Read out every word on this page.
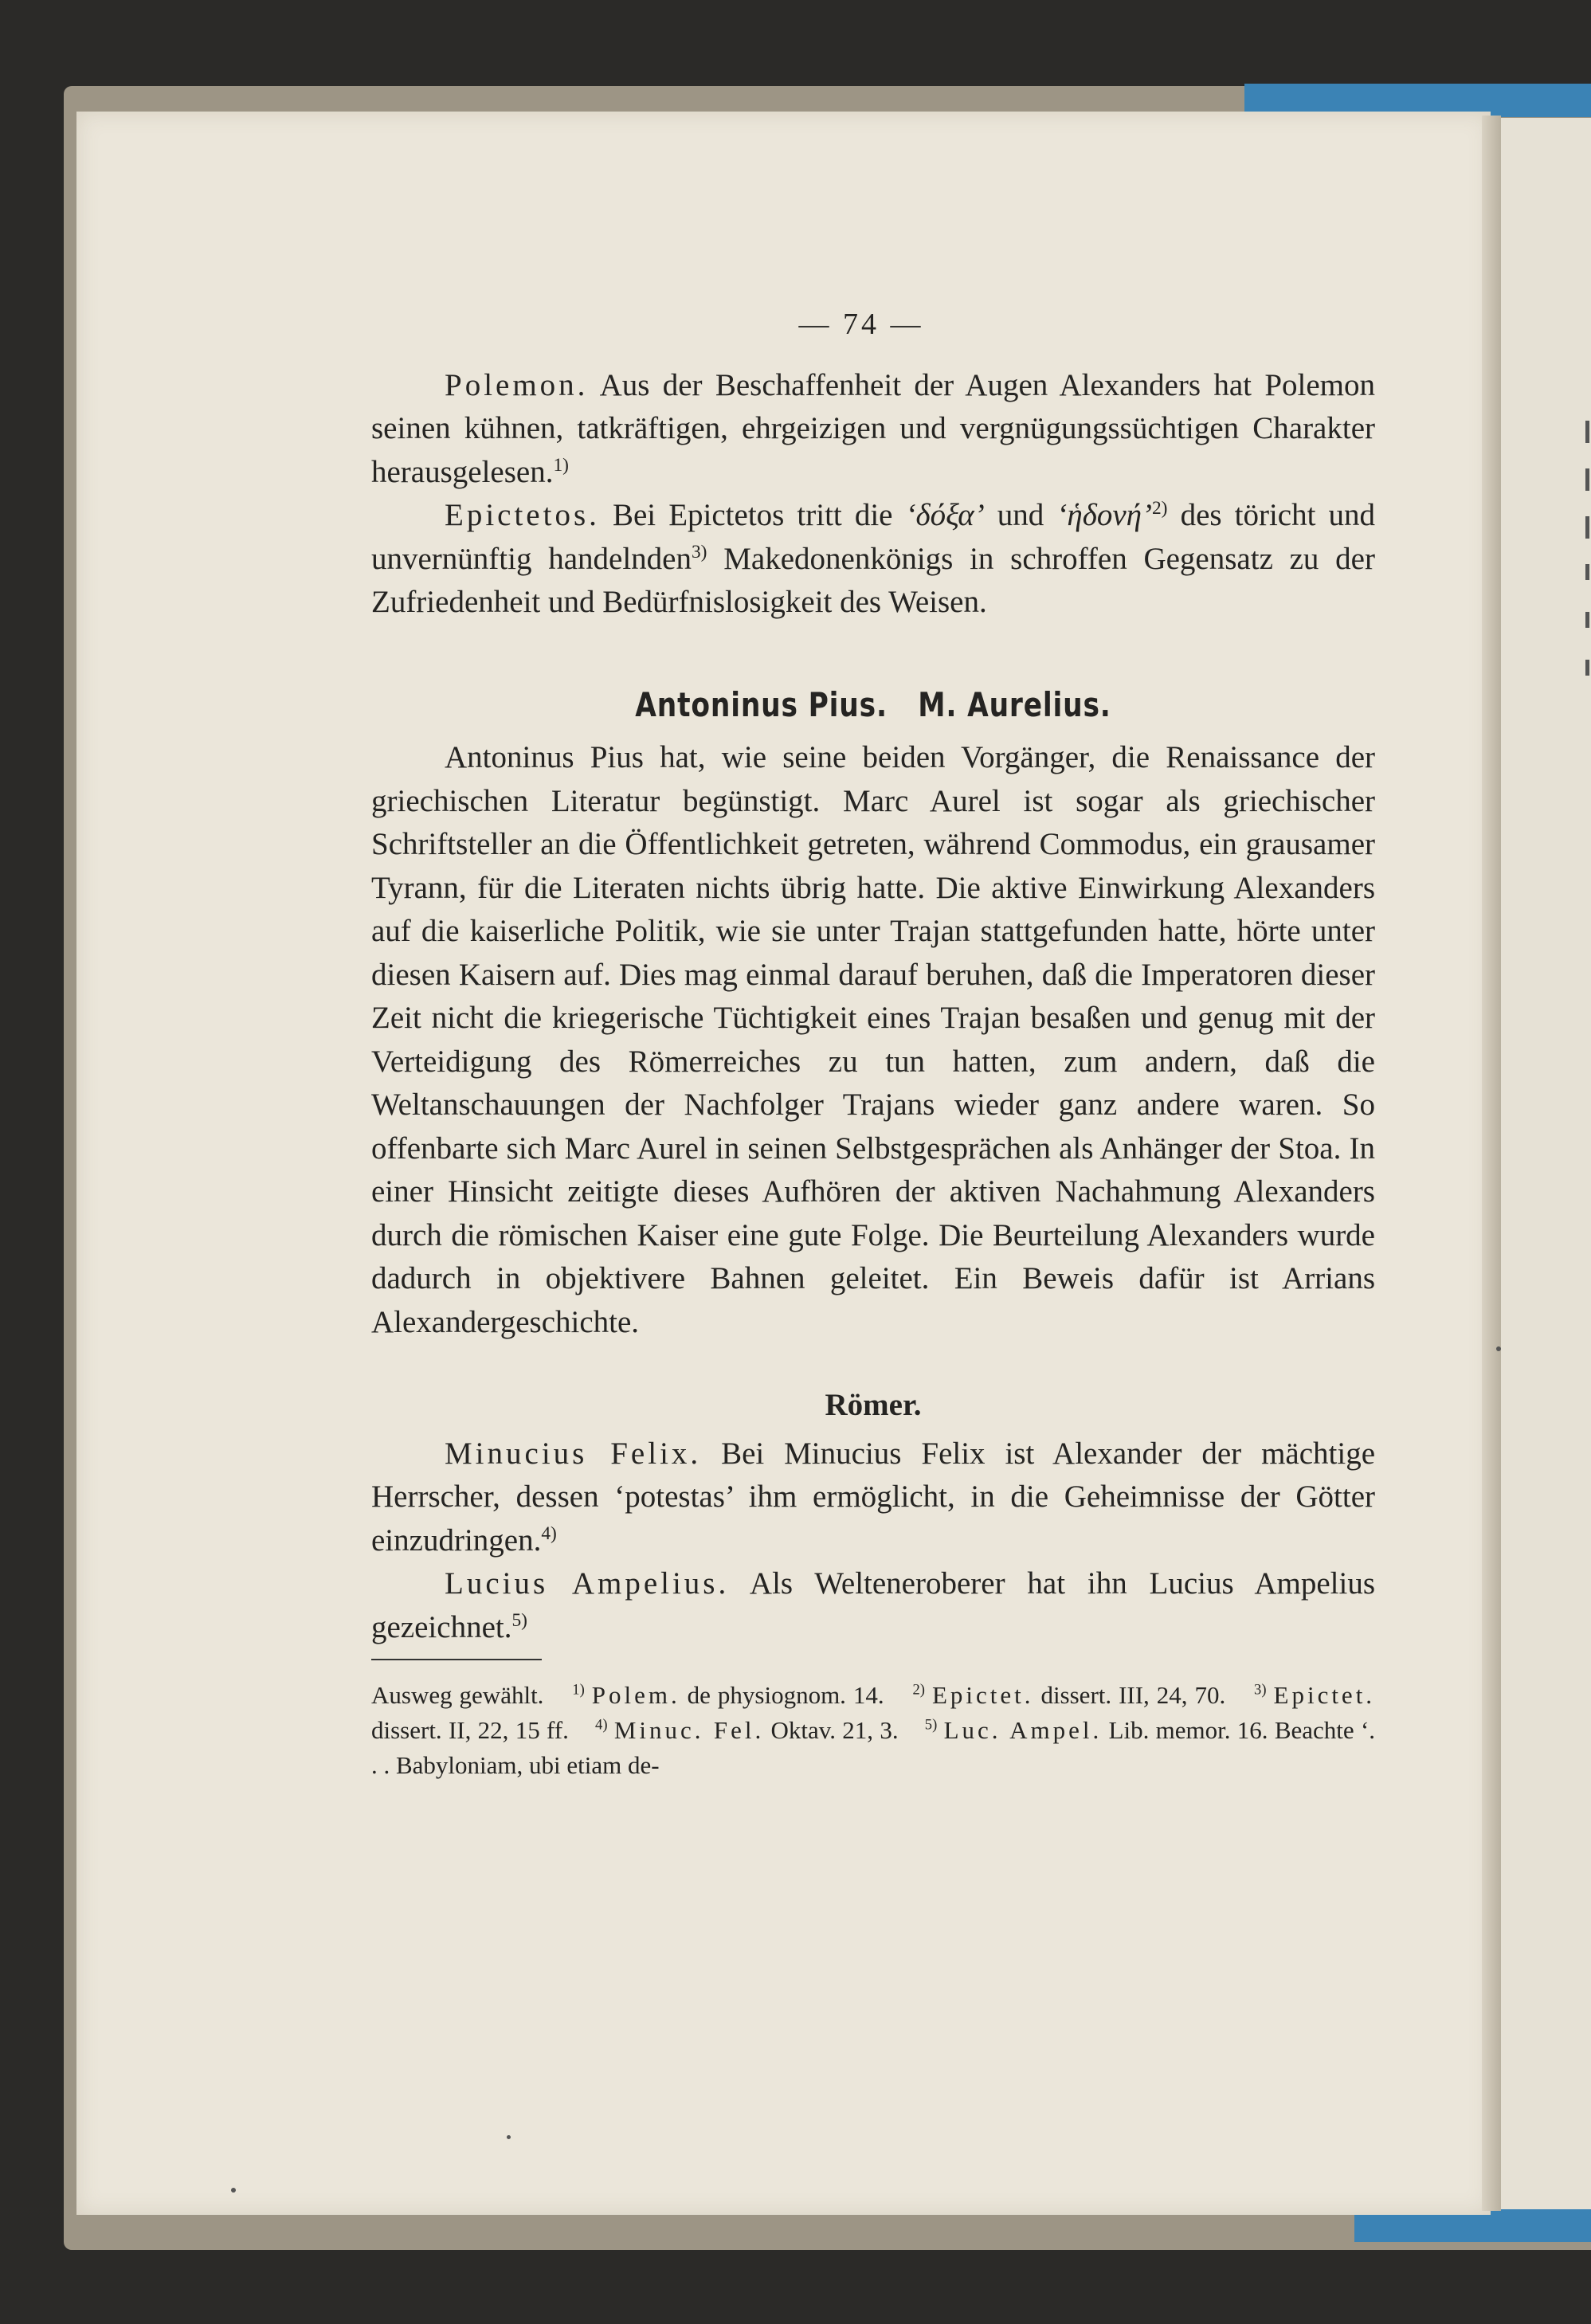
— 74 —

Polemon. Aus der Beschaffenheit der Augen Alexanders hat Polemon seinen kühnen, tatkräftigen, ehrgeizigen und vergnügungssüchtigen Charakter herausgelesen.$^{1)}$

Epictetos. Bei Epictetos tritt die ‘δόξα’ und ‘ἡδονή’$^{2)}$ des töricht und unvernünftig handelnden$^{3)}$ Makedonenkönigs in schroffen Gegensatz zu der Zufriedenheit und Bedürfnislosigkeit des Weisen.

Antoninus Pius.   M. Aurelius.

Antoninus Pius hat, wie seine beiden Vorgänger, die Renaissance der griechischen Literatur begünstigt. Marc Aurel ist sogar als griechischer Schriftsteller an die Öffentlichkeit getreten, während Commodus, ein grausamer Tyrann, für die Literaten nichts übrig hatte. Die aktive Einwirkung Alexanders auf die kaiserliche Politik, wie sie unter Trajan stattgefunden hatte, hörte unter diesen Kaisern auf. Dies mag einmal darauf beruhen, daß die Imperatoren dieser Zeit nicht die kriegerische Tüchtigkeit eines Trajan besaßen und genug mit der Verteidigung des Römerreiches zu tun hatten, zum andern, daß die Weltanschauungen der Nachfolger Trajans wieder ganz andere waren. So offenbarte sich Marc Aurel in seinen Selbstgesprächen als Anhänger der Stoa. In einer Hinsicht zeitigte dieses Aufhören der aktiven Nachahmung Alexanders durch die römischen Kaiser eine gute Folge. Die Beurteilung Alexanders wurde dadurch in objektivere Bahnen geleitet. Ein Beweis dafür ist Arrians Alexandergeschichte.

Römer.

Minucius Felix. Bei Minucius Felix ist Alexander der mächtige Herrscher, dessen ‘potestas’ ihm ermöglicht, in die Geheimnisse der Götter einzudringen.$^{4)}$

Lucius Ampelius. Als Welteneroberer hat ihn Lucius Ampelius gezeichnet.$^{5)}$

Ausweg gewählt. $^{1)}$ Polem. de physiognom. 14. $^{2)}$ Epictet. dissert. III, 24, 70. $^{3)}$ Epictet. dissert. II, 22, 15 ff. $^{4)}$ Minuc. Fel. Oktav. 21, 3. $^{5)}$ Luc. Ampel. Lib. memor. 16. Beachte ‘. . . Babyloniam, ubi etiam de-
